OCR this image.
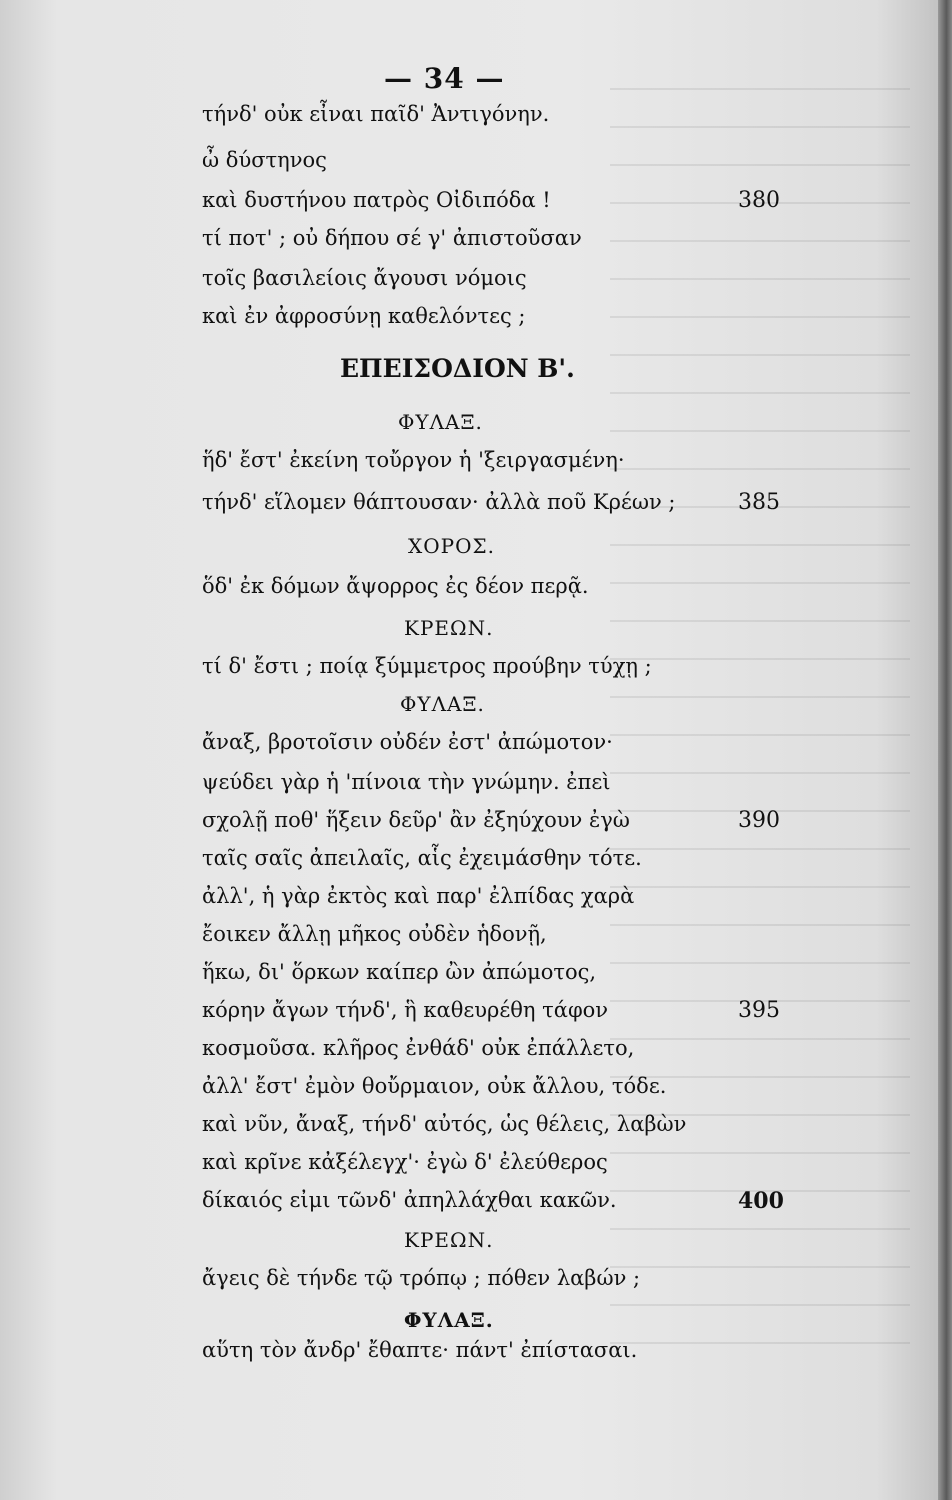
— 34 —
τήνδ' οὐκ εἶναι παῖδ' Ἀντιγόνην.
ὦ δύστηνος
καὶ δυστήνου πατρὸς Οἰδιπόδα !
τί ποτ' ; οὐ δήπου σέ γ' ἀπιστοῦσαν
τοῖς βασιλείοις ἄγουσι νόμοις
καὶ ἐν ἀφροσύνῃ καθελόντες ;
ΕΠΕΙΣΟΔΙΟΝ Β'.
ΦΥΛΑΞ.
ἥδ' ἔστ' ἐκείνη τοὔργον ἡ 'ξειργασμένη·
τήνδ' εἵλομεν θάπτουσαν· ἀλλὰ ποῦ Κρέων ;
ΧΟΡΟΣ.
ὅδ' ἐκ δόμων ἄψορρος ἐς δέον περᾷ.
ΚΡΕΩΝ.
τί δ' ἔστι ; ποίᾳ ξύμμετρος προύβην τύχῃ ;
ΦΥΛΑΞ.
ἄναξ, βροτοῖσιν οὐδέν ἐστ' ἀπώμοτον·
ψεύδει γὰρ ἡ 'πίνοια τὴν γνώμην. ἐπεὶ
σχολῇ ποθ' ἥξειν δεῦρ' ἂν ἐξηύχουν ἐγὼ
ταῖς σαῖς ἀπειλαῖς, αἷς ἐχειμάσθην τότε.
ἀλλ', ἡ γὰρ ἐκτὸς καὶ παρ' ἐλπίδας χαρὰ
ἔοικεν ἄλλῃ μῆκος οὐδὲν ἡδονῇ,
ἥκω, δι' ὅρκων καίπερ ὢν ἀπώμοτος,
κόρην ἄγων τήνδ', ἣ καθευρέθη τάφον
κοσμοῦσα. κλῆρος ἐνθάδ' οὐκ ἐπάλλετο,
ἀλλ' ἔστ' ἐμὸν θοὔρμαιον, οὐκ ἄλλου, τόδε.
καὶ νῦν, ἄναξ, τήνδ' αὐτός, ὡς θέλεις, λαβὼν
καὶ κρῖνε κἀξέλεγχ'· ἐγὼ δ' ἐλεύθερος
δίκαιός εἰμι τῶνδ' ἀπηλλάχθαι κακῶν.
ΚΡΕΩΝ.
ἄγεις δὲ τήνδε τῷ τρόπῳ ; πόθεν λαβών ;
ΦΥΛΑΞ.
αὕτη τὸν ἄνδρ' ἔθαπτε· πάντ' ἐπίστασαι.
380
385
390
395
400
